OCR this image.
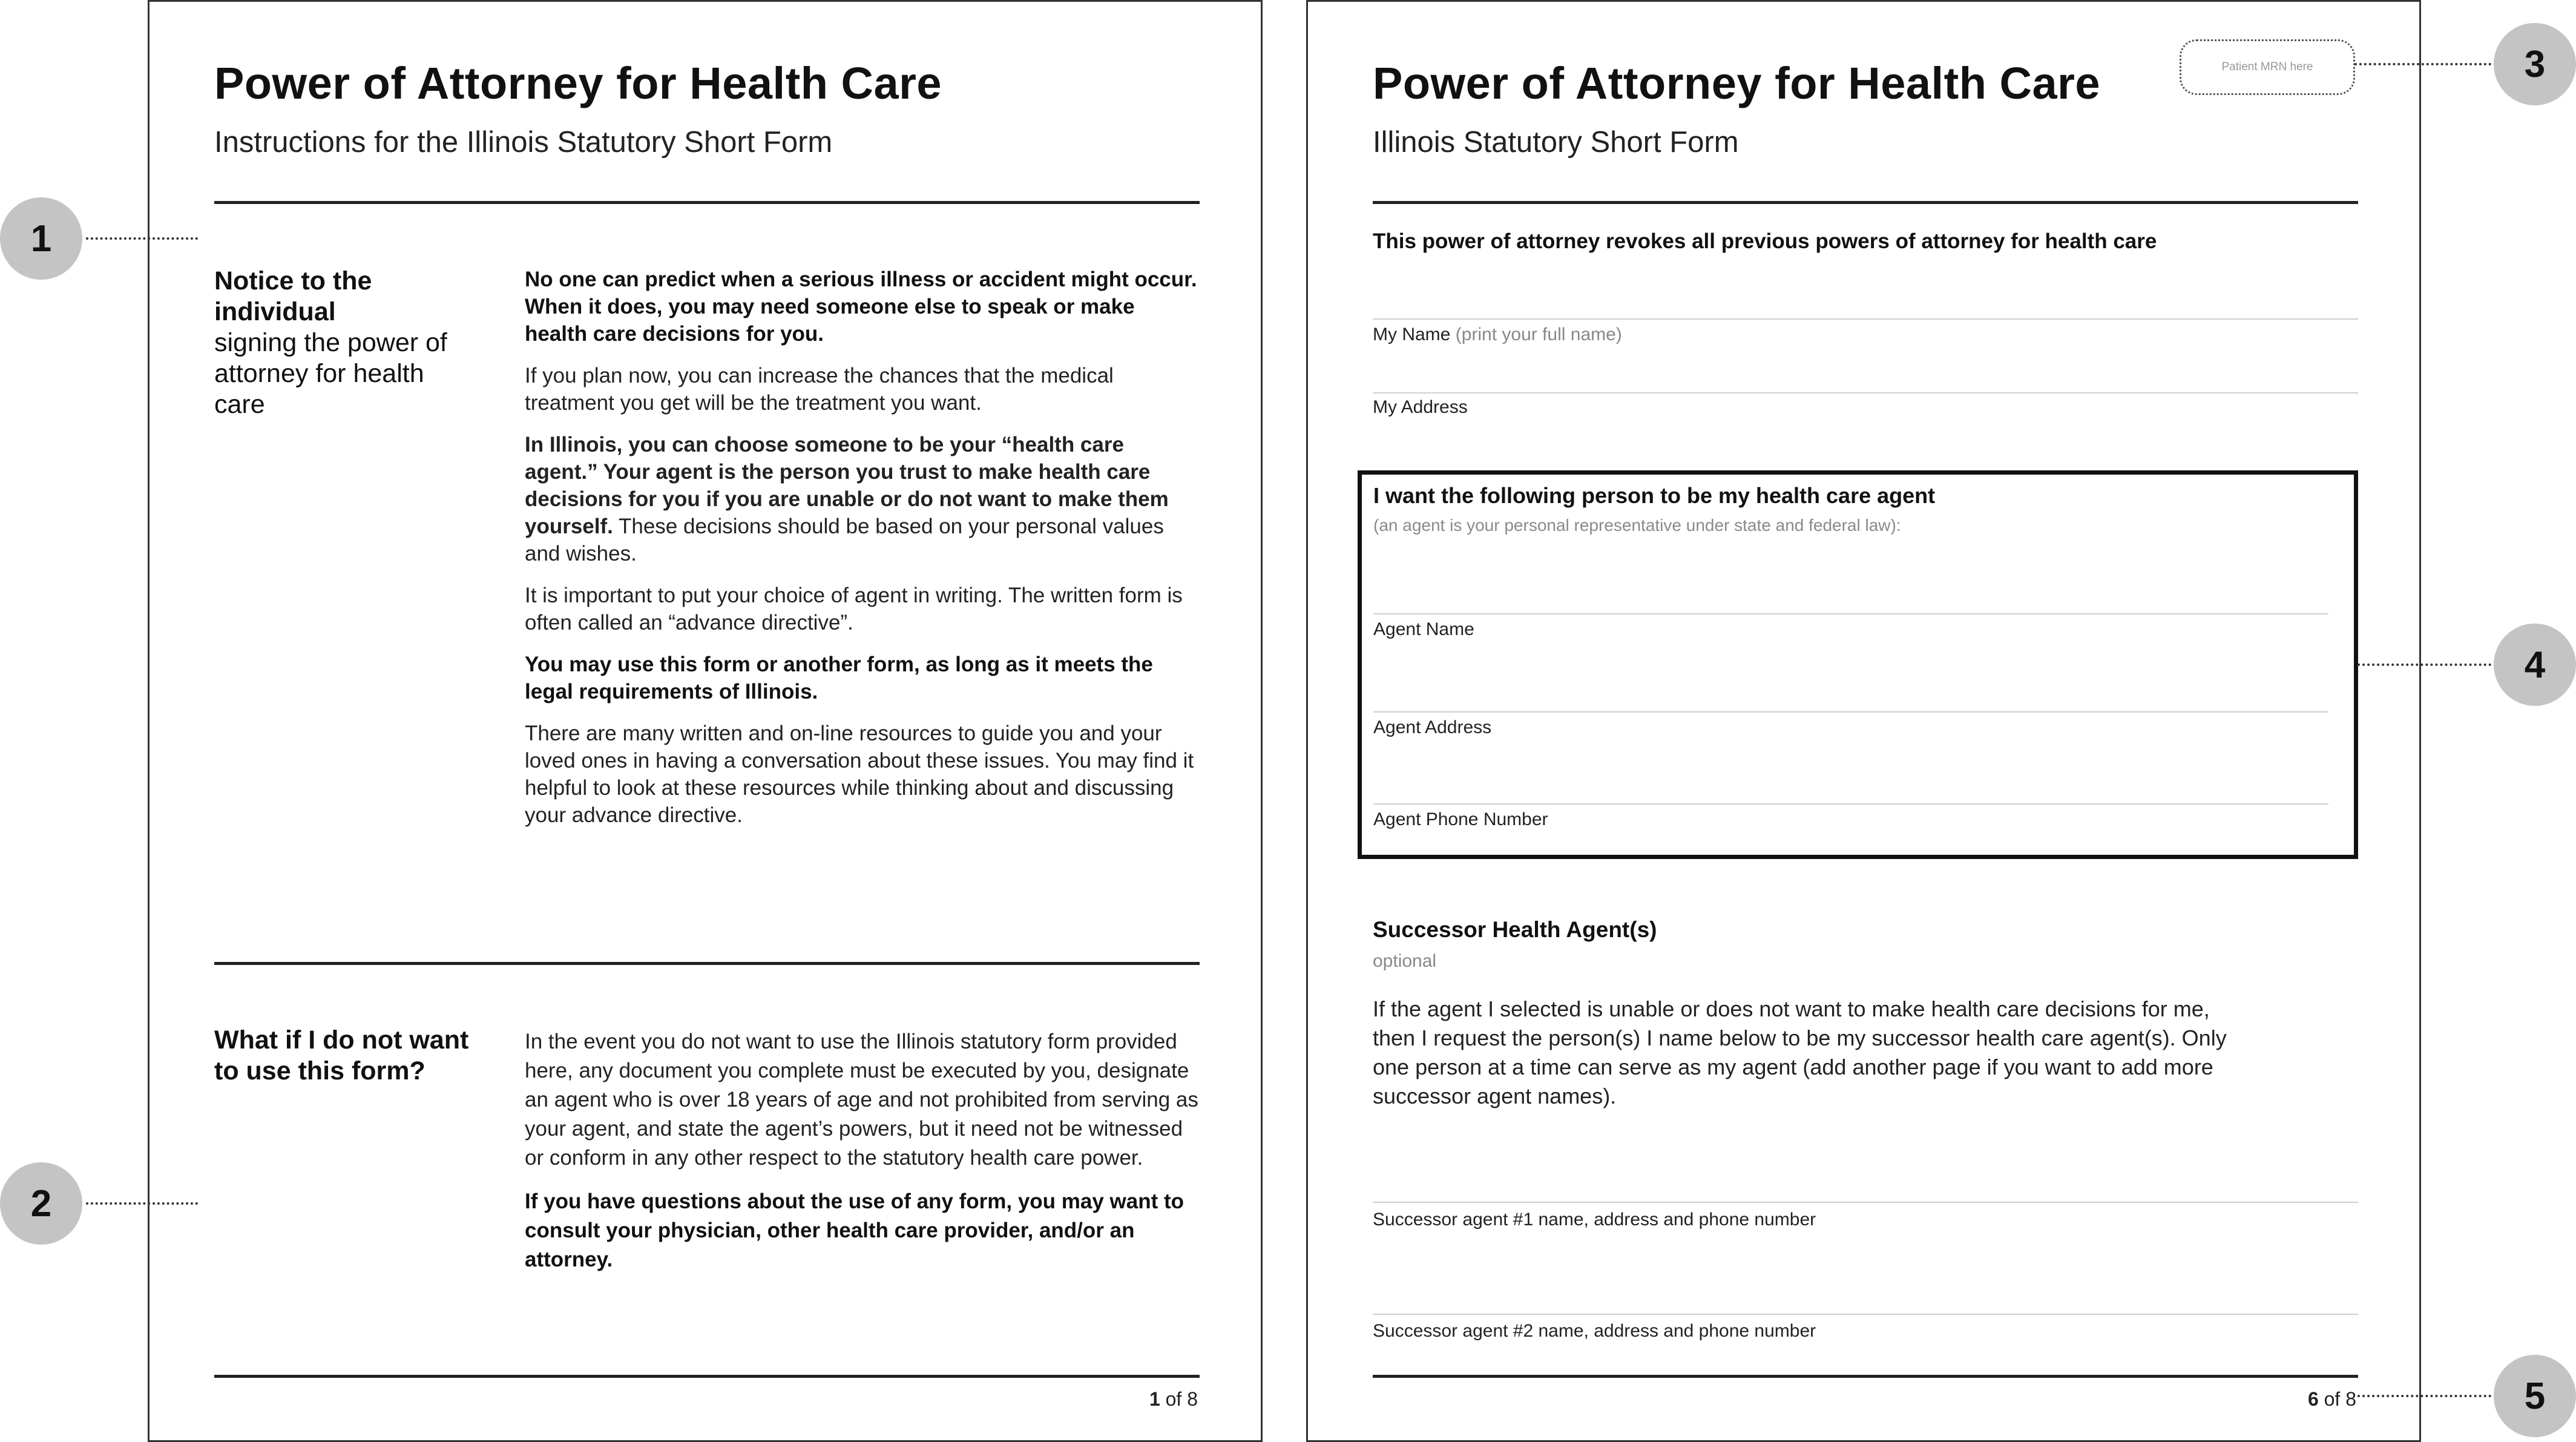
Power of Attorney for Health Care
Instructions for the Illinois Statutory Short Form
Notice to the individual
signing the power of attorney for health care

No one can predict when a serious illness or accident might occur. When it does, you may need someone else to speak or make health care decisions for you.

If you plan now, you can increase the chances that the medical treatment you get will be the treatment you want.

In Illinois, you can choose someone to be your “health care agent.” Your agent is the person you trust to make health care decisions for you if you are unable or do not want to make them yourself. These decisions should be based on your personal values and wishes.

It is important to put your choice of agent in writing. The written form is often called an “advance directive”.

You may use this form or another form, as long as it meets the legal requirements of Illinois.

There are many written and on-line resources to guide you and your loved ones in having a conversation about these issues. You may find it helpful to look at these resources while thinking about and discussing your advance directive.

What if I do not want to use this form?

In the event you do not want to use the Illinois statutory form provided here, any document you complete must be executed by you, designate an agent who is over 18 years of age and not prohibited from serving as your agent, and state the agent’s powers, but it need not be witnessed or conform in any other respect to the statutory health care power.

If you have questions about the use of any form, you may want to consult your physician, other health care provider, and/or an attorney.

1 of 8
Power of Attorney for Health Care	Patient MRN here
Illinois Statutory Short Form
This power of attorney revokes all previous powers of attorney for health care
My Name (print your full name)
My Address
I want the following person to be my health care agent
(an agent is your personal representative under state and federal law):
Agent Name
Agent Address
Agent Phone Number
Successor Health Agent(s)
optional
If the agent I selected is unable or does not want to make health care decisions for me, then I request the person(s) I name below to be my successor health care agent(s). Only one person at a time can serve as my agent (add another page if you want to add more successor agent names).
Successor agent #1 name, address and phone number
Successor agent #2 name, address and phone number
6 of 8
1
2
3
4
5
